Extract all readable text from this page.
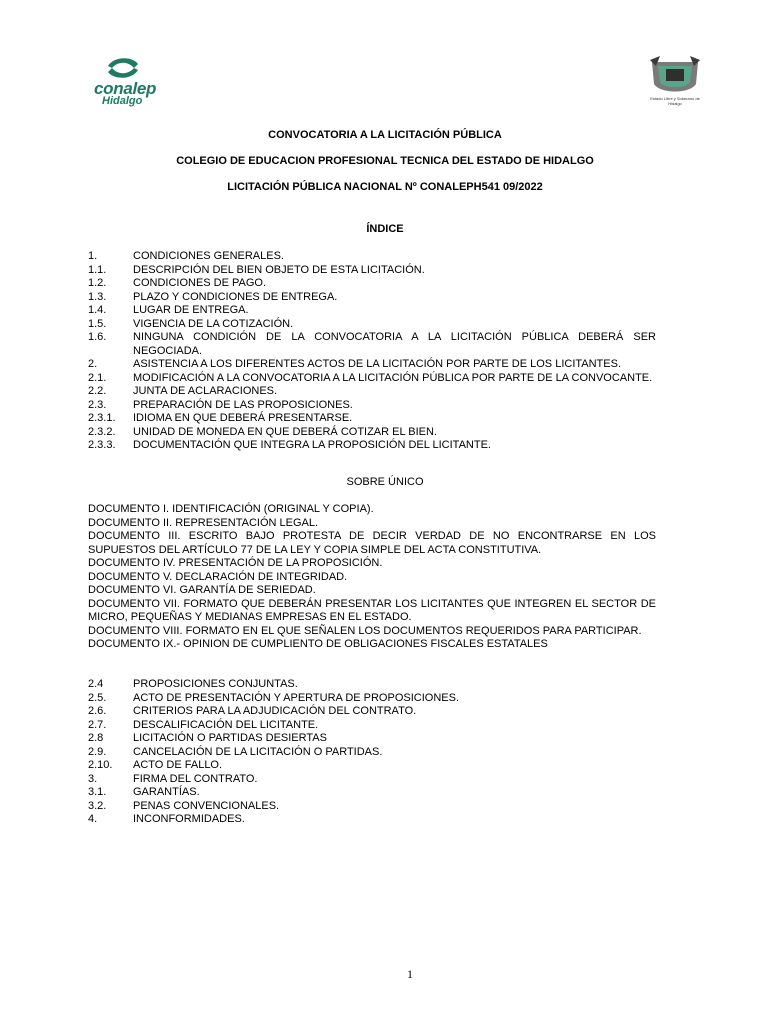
conalep
Hidalgo	Estado Libre y Soberano de Hidalgo
CONVOCATORIA A LA LICITACIÓN PÚBLICA
COLEGIO DE EDUCACION PROFESIONAL TECNICA DEL ESTADO DE HIDALGO
LICITACIÓN PÚBLICA NACIONAL Nº CONALEPH541 09/2022
ÍNDICE
1.	CONDICIONES GENERALES.
1.1.	DESCRIPCIÓN DEL BIEN OBJETO DE ESTA LICITACIÓN.
1.2.	CONDICIONES DE PAGO.
1.3.	PLAZO Y CONDICIONES DE ENTREGA.
1.4.	LUGAR DE ENTREGA.
1.5.	VIGENCIA DE LA COTIZACIÓN.
1.6.	NINGUNA CONDICIÓN DE LA CONVOCATORIA A LA LICITACIÓN PÚBLICA DEBERÁ SER NEGOCIADA.
2.	ASISTENCIA A LOS DIFERENTES ACTOS DE LA LICITACIÓN POR PARTE DE LOS LICITANTES.
2.1.	MODIFICACIÓN A LA CONVOCATORIA A LA LICITACIÓN PÚBLICA POR PARTE DE LA CONVOCANTE.
2.2.	JUNTA DE ACLARACIONES.
2.3.	PREPARACIÓN DE LAS PROPOSICIONES.
2.3.1.	IDIOMA EN QUE DEBERÁ PRESENTARSE.
2.3.2.	UNIDAD DE MONEDA EN QUE DEBERÁ COTIZAR EL BIEN.
2.3.3.	DOCUMENTACIÓN QUE INTEGRA LA PROPOSICIÓN DEL LICITANTE.
SOBRE ÚNICO
DOCUMENTO I. IDENTIFICACIÓN (ORIGINAL Y COPIA).
DOCUMENTO II. REPRESENTACIÓN LEGAL.
DOCUMENTO III. ESCRITO BAJO PROTESTA DE DECIR VERDAD DE NO ENCONTRARSE EN LOS SUPUESTOS DEL ARTÍCULO 77 DE LA LEY Y COPIA SIMPLE DEL ACTA CONSTITUTIVA.
DOCUMENTO IV. PRESENTACIÓN DE LA PROPOSICIÓN.
DOCUMENTO V. DECLARACIÓN DE INTEGRIDAD.
DOCUMENTO VI. GARANTÍA DE SERIEDAD.
DOCUMENTO VII. FORMATO QUE DEBERÁN PRESENTAR LOS LICITANTES QUE INTEGREN EL SECTOR DE MICRO, PEQUEÑAS Y MEDIANAS EMPRESAS EN EL ESTADO.
DOCUMENTO VIII. FORMATO EN EL QUE SEÑALEN LOS DOCUMENTOS REQUERIDOS PARA PARTICIPAR.
DOCUMENTO IX.- OPINION DE CUMPLIENTO DE OBLIGACIONES FISCALES ESTATALES
2.4	PROPOSICIONES CONJUNTAS.
2.5.	ACTO DE PRESENTACIÓN Y APERTURA DE PROPOSICIONES.
2.6.	CRITERIOS PARA LA ADJUDICACIÓN DEL CONTRATO.
2.7.	DESCALIFICACIÓN DEL LICITANTE.
2.8	LICITACIÓN O PARTIDAS DESIERTAS
2.9.	CANCELACIÓN DE LA LICITACIÓN O PARTIDAS.
2.10.	ACTO DE FALLO.
3.	FIRMA DEL CONTRATO.
3.1.	GARANTÍAS.
3.2.	PENAS CONVENCIONALES.
4.	INCONFORMIDADES.
1
